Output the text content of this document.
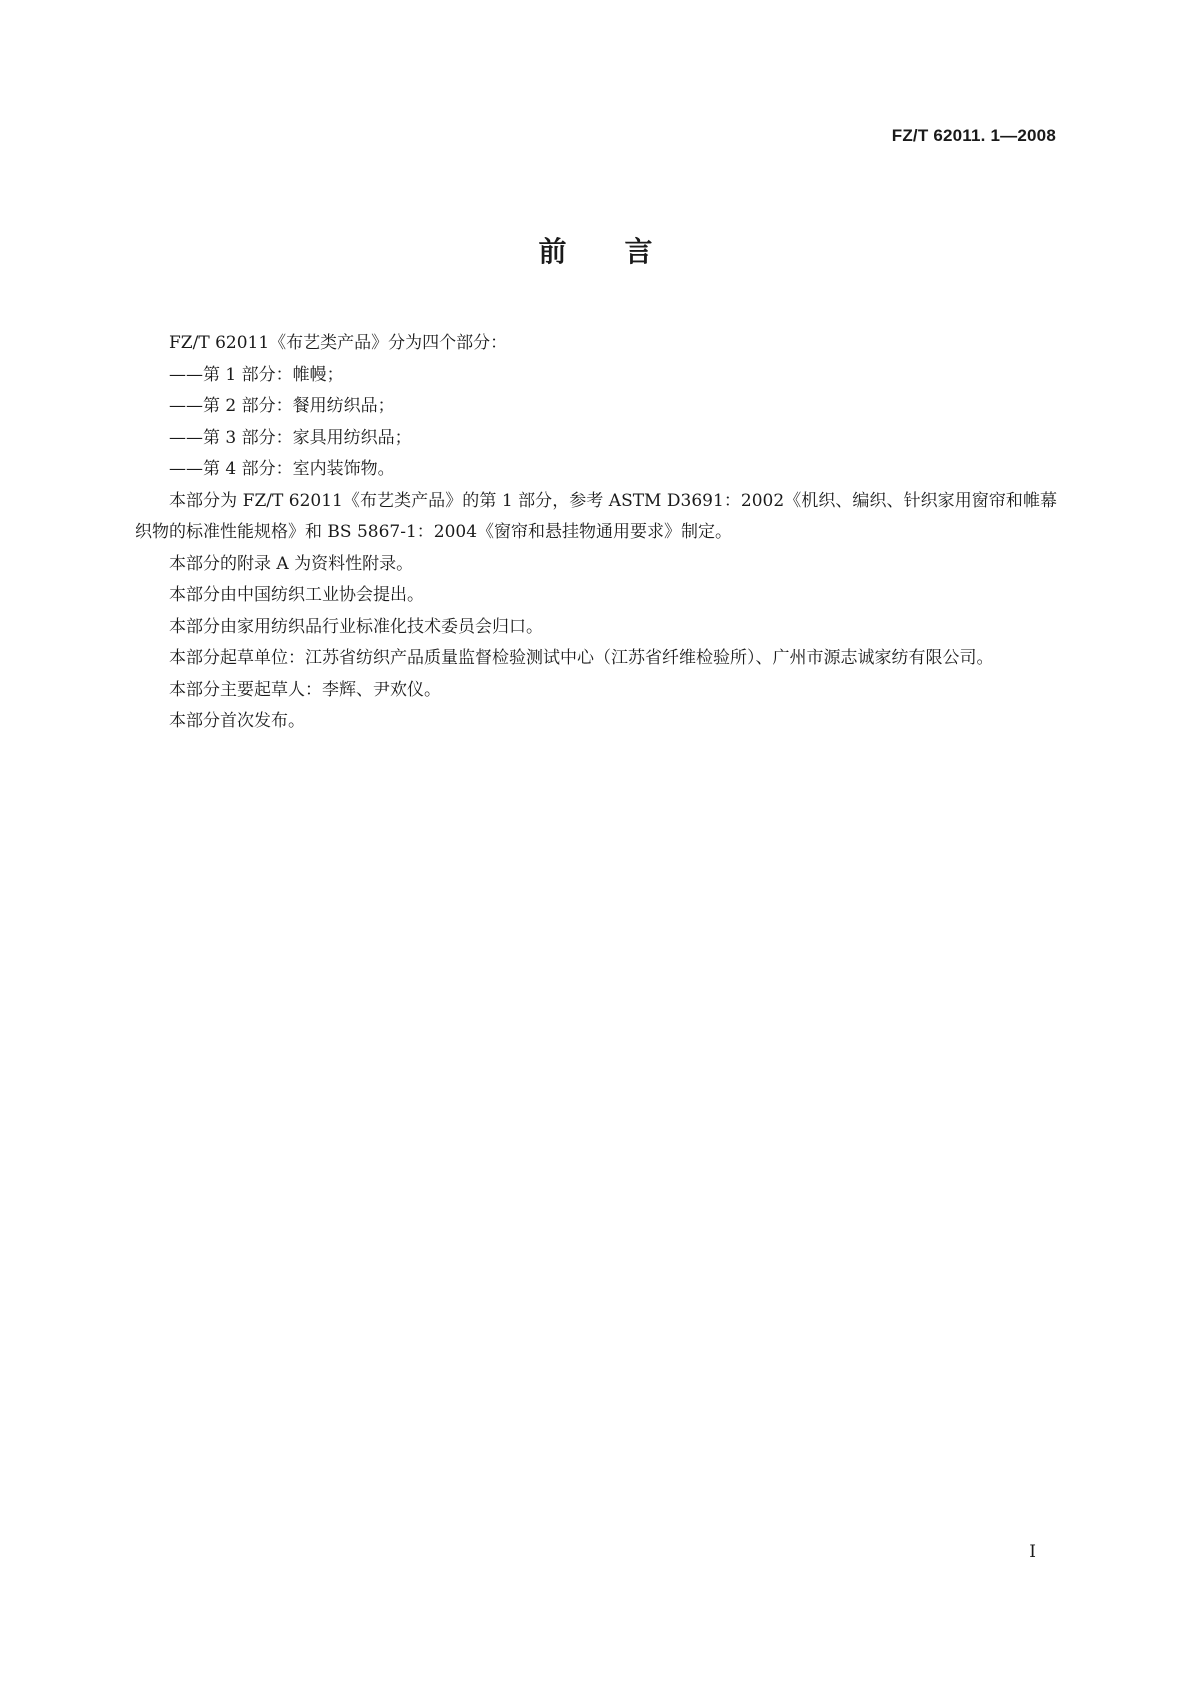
FZ/T 62011. 1—2008
前言

FZ/T 62011《布艺类产品》分为四个部分：

——第 1 部分：帷幔；

——第 2 部分：餐用纺织品；

——第 3 部分：家具用纺织品；

——第 4 部分：室内装饰物。

本部分为 FZ/T 62011《布艺类产品》的第 1 部分，参考 ASTM D3691：2002《机织、编织、针织家用窗帘和帷幕织物的标准性能规格》和 BS 5867-1：2004《窗帘和悬挂物通用要求》制定。

本部分的附录 A 为资料性附录。

本部分由中国纺织工业协会提出。

本部分由家用纺织品行业标准化技术委员会归口。

本部分起草单位：江苏省纺织产品质量监督检验测试中心（江苏省纤维检验所）、广州市源志诚家纺有限公司。

本部分主要起草人：李辉、尹欢仪。

本部分首次发布。

I
